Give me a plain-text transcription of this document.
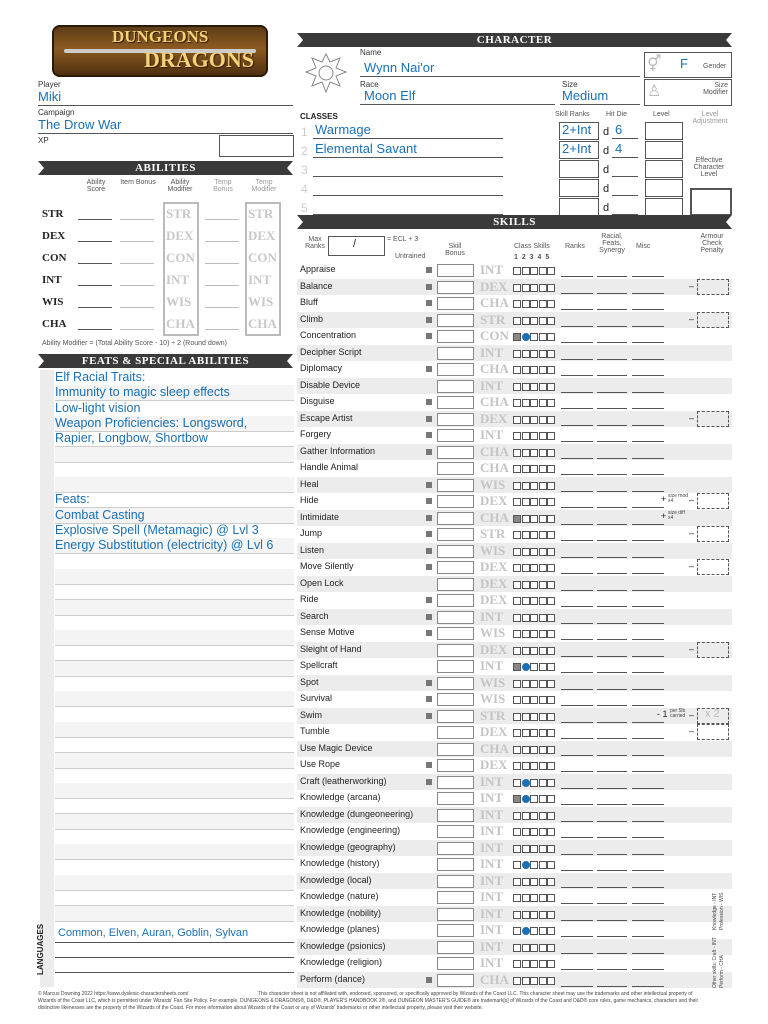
DUNGEONS
DRAGONS
Player
Miki
Campaign
The Drow War
XP
CHARACTER
Name
Wynn Nai'or
Race
Moon Elf
Size
Medium
⚥ F Gender
♙	Size Modifier
CLASSES	Skill Ranks Hit Die	Level	Level Adjustment
1 Warmage	2+Int d 6
2 Elemental Savant	2+Int d 4
3	d
4	d
5	d
Effective Character Level
ABILITIES
Ability Score
Item Bonus	Ability Modifier
Temp Bonus
Temp Modifier
STR	STR	STR
DEX	DEX	DEX
CON	CON	CON
INT	INT	INT
WIS	WIS	WIS
CHA	CHA	CHA
Ability Modifier = (Total Ability Score - 10) ÷ 2 (Round down)
FEATS & SPECIAL ABILITIES
Elf Racial Traits:
Immunity to magic sleep effects
Low-light vision
Weapon Proficiencies: Longsword,
Rapier, Longbow, Shortbow
Feats:
Combat Casting
Explosive Spell (Metamagic) @ Lvl 3
Energy Substitution (electricity) @ Lvl 6
LANGUAGES Common, Elven, Auran, Goblin, Sylvan
SKILLS
Max Ranks	/	= ECL + 3
Untrained
Skill Bonus
Class Skills
1 2 3 4 5
Ranks
Racial, Feats, Synergy
Misc
Armour Check Penalty
Appraise	INT
Balance	DEX	–
Bluff	CHA
Climb	STR	–
Concentration	CON
Decipher Script	INT
Diplomacy	CHA
Disable Device	INT
Disguise	CHA
Escape Artist	DEX	–
Forgery	INT
Gather Information	CHA
Handle Animal	CHA
Heal	WIS
Hide	DEX	–
+ size mod x4
Intimidate	CHA	+ size diff x4
Jump	STR	–
Listen	WIS
Move Silently	DEX	–
Open Lock	DEX
Ride	DEX
Search	INT
Sense Motive	WIS
Sleight of Hand	DEX	–
Spellcraft	INT
Spot	WIS
Survival	WIS
Swim	STR	–
- 1 per 5lb carried	x 2
Tumble	DEX	–
Use Magic Device	CHA
Use Rope	DEX
Craft (leatherworking)	INT
Knowledge (arcana)	INT
Knowledge (dungeoneering)	INT
Knowledge (engineering)	INT
Knowledge (geography)	INT
Knowledge (history)	INT
Knowledge (local)	INT
Knowledge (nature)	INT
Knowledge (nobility)	INT
Knowledge (planes)	INT
Knowledge (psionics)	INT
Knowledge (religion)	INT
Perform (dance)	CHA
Knowledge - INT Profession - WIS
Other skills: Craft - INT Perform - CHA
© Marcus Downing 2022 https://www.dyslexic-charactersheets.com/	This character sheet is not affiliated with, endorsed, sponsored, or specifically approved by Wizards of the Coast LLC. This character sheet may use the trademarks and other intellectual property of
Wizards of the Coast LLC, which is permitted under Wizards' Fan Site Policy. For example, DUNGEONS & DRAGONS®, D&D®, PLAYER'S HANDBOOK 2®, and DUNGEON MASTER'S GUIDE® are trademark[s] of Wizards of the Coast and D&D® core rules, game mechanics, characters and their
distinctive likenesses are the property of the Wizards of the Coast. For more information about Wizards of the Coast or any of Wizards' trademarks or other intellectual property, please visit their website.
